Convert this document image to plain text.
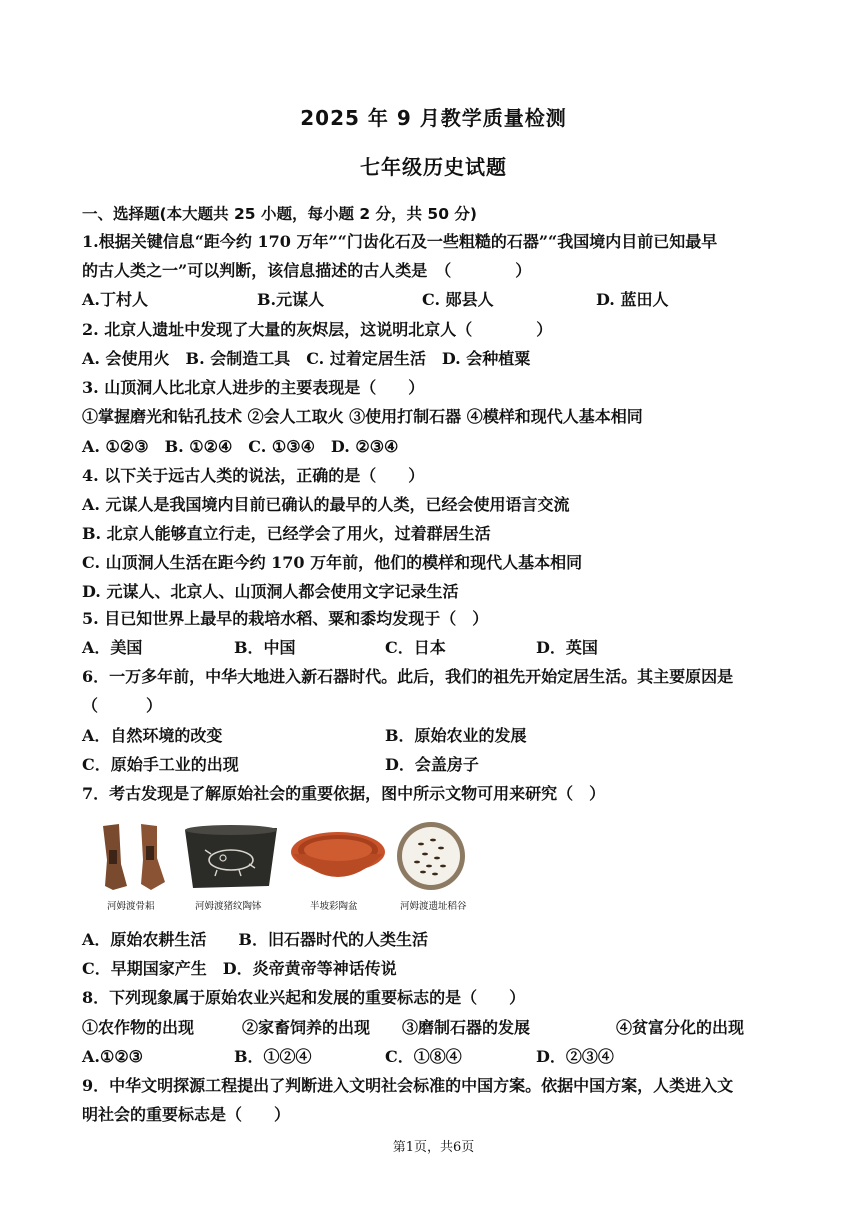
2025 年 9 月教学质量检测
七年级历史试题
一、选择题(本大题共 25 小题，每小题 2 分，共 50 分)
1.根据关键信息“距今约 170 万年”“门齿化石及一些粗糙的石器”“我国境内目前已知最早
的古人类之一”可以判断，该信息描述的古人类是　（　　　　）
A.丁村人	B.元谋人	C. 郧县人	D. 蓝田人
2. 北京人遗址中发现了大量的灰烬层，这说明北京人（　　　　）
A. 会使用火　B. 会制造工具　C. 过着定居生活　D. 会种植粟
3. 山顶洞人比北京人进步的主要表现是（　　）
①掌握磨光和钻孔技术 ②会人工取火 ③使用打制石器 ④模样和现代人基本相同
A. ①②③　B. ①②④　C. ①③④　D. ②③④
4. 以下关于远古人类的说法，正确的是（　　）
A. 元谋人是我国境内目前已确认的最早的人类，已经会使用语言交流
B. 北京人能够直立行走，已经学会了用火，过着群居生活
C. 山顶洞人生活在距今约 170 万年前，他们的模样和现代人基本相同
D. 元谋人、北京人、山顶洞人都会使用文字记录生活
5. 目已知世界上最早的栽培水稻、粟和黍均发现于（　）
A．美国	B．中国	C．日本	D．英国
6．一万多年前，中华大地进入新石器时代。此后，我们的祖先开始定居生活。其主要原因是
（　　　）
A．自然环境的改变	B．原始农业的发展
C．原始手工业的出现	D．会盖房子
7．考古发现是了解原始社会的重要依据，图中所示文物可用来研究（　）
河姆渡骨耜	河姆渡猪纹陶钵	半坡彩陶盆	河姆渡遗址稻谷
A．原始农耕生活　　B．旧石器时代的人类生活
C．早期国家产生　D．炎帝黄帝等神话传说
8．下列现象属于原始农业兴起和发展的重要标志的是（　　）
①农作物的出现	②家畜饲养的出现 ③磨制石器的发展	④贫富分化的出现
A.①②③	B．①②④	C．①⑧④	D．②③④
9．中华文明探源工程提出了判断进入文明社会标准的中国方案。依据中国方案，人类进入文
明社会的重要标志是（　　）
第1页，共6页
